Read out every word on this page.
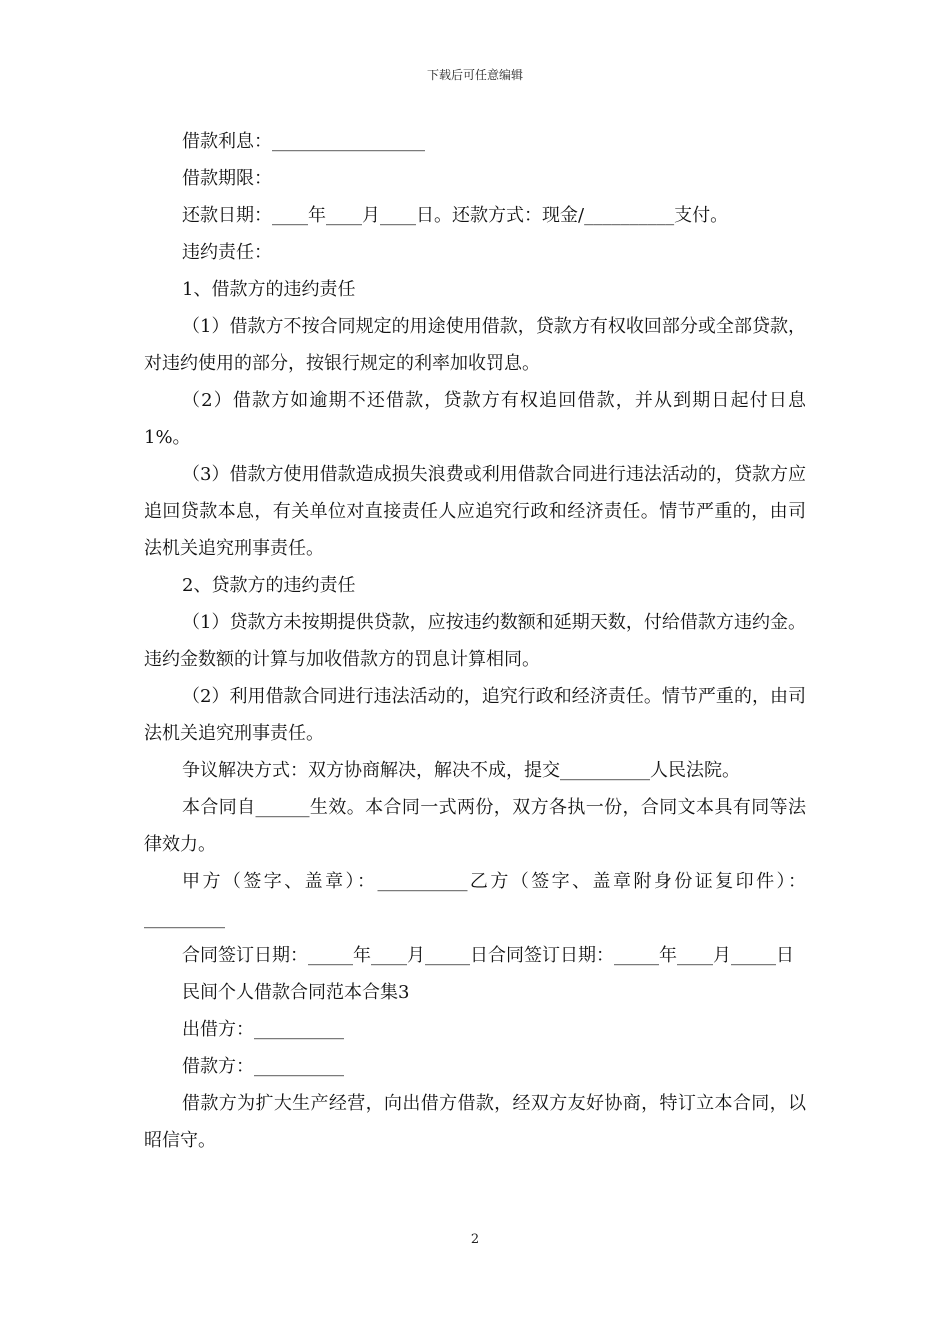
下载后可任意编辑

借款利息：_________________

借款期限：

还款日期：____年____月____日。还款方式：现金/__________支付。

违约责任：

1、借款方的违约责任

（1）借款方不按合同规定的用途使用借款，贷款方有权收回部分或全部贷款，对违约使用的部分，按银行规定的利率加收罚息。

（2）借款方如逾期不还借款，贷款方有权追回借款，并从到期日起付日息1%。

（3）借款方使用借款造成损失浪费或利用借款合同进行违法活动的，贷款方应追回贷款本息，有关单位对直接责任人应追究行政和经济责任。情节严重的，由司法机关追究刑事责任。

2、贷款方的违约责任

（1）贷款方未按期提供贷款，应按违约数额和延期天数，付给借款方违约金。违约金数额的计算与加收借款方的罚息计算相同。

（2）利用借款合同进行违法活动的，追究行政和经济责任。情节严重的，由司法机关追究刑事责任。

争议解决方式：双方协商解决，解决不成，提交__________人民法院。

本合同自______生效。本合同一式两份，双方各执一份，合同文本具有同等法律效力。

甲方（签字、盖章）：__________乙方（签字、盖章附身份证复印件）：_________

合同签订日期：_____年____月_____日合同签订日期：_____年____月_____日

民间个人借款合同范本合集3

出借方：__________

借款方：__________

借款方为扩大生产经营，向出借方借款，经双方友好协商，特订立本合同，以昭信守。

2
